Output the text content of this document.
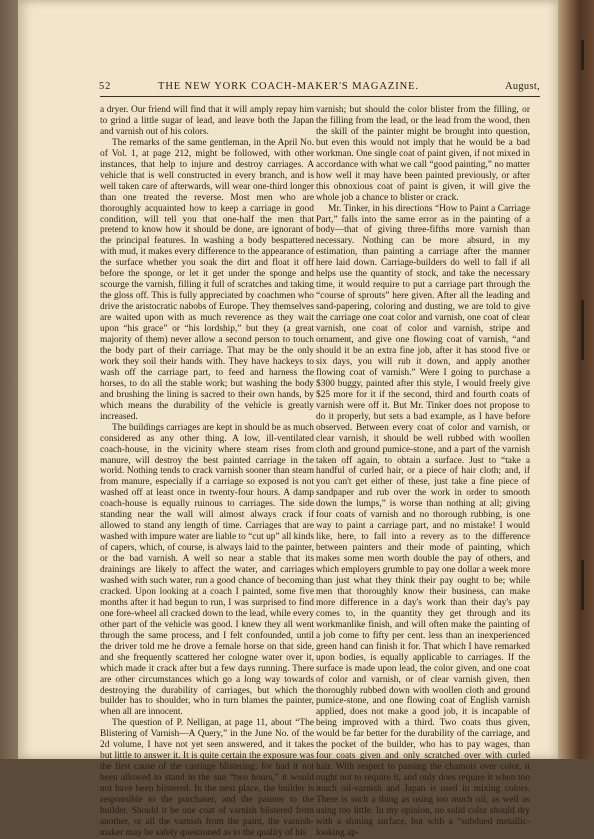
52	THE NEW YORK COACH-MAKER'S MAGAZINE.	August,

a dryer. Our friend will find that it will amply repay him to grind a little sugar of lead, and leave both the Japan and varnish out of his colors.

The remarks of the same gentleman, in the April No. of Vol. 1, at page 212, might be followed, with other instances, that help to injure and destroy carriages. A vehicle that is well constructed in every branch, and is well taken care of afterwards, will wear one-third longer than one treated the reverse. Most men who are thoroughly acquainted how to keep a carriage in good condition, will tell you that one-half the men that pretend to know how it should be done, are ignorant of the principal features. In washing a body bespattered with mud, it makes every difference to the appearance of the surface whether you soak the dirt and float it off before the sponge, or let it get under the sponge and scourge the varnish, filling it full of scratches and taking the gloss off. This is fully appreciated by coachmen who drive the aristocratic nabobs of Europe. They themselves are waited upon with as much reverence as they wait upon “his grace” or “his lordship,” but they (a great majority of them) never allow a second person to touch the body part of their carriage. That may be the only work they soil their hands with. They have hackeys to wash off the carriage part, to feed and harness the horses, to do all the stable work; but washing the body and brushing the lining is sacred to their own hands, by which means the durability of the vehicle is greatly increased.

The buildings carriages are kept in should be as much considered as any other thing. A low, ill-ventilated coach-house, in the vicinity where steam rises from manure, will destroy the best painted carriage in the world. Nothing tends to crack varnish sooner than steam from manure, especially if a carriage so exposed is not washed off at least once in twenty-four hours. A damp coach-house is equally ruinous to carriages. The side standing near the wall will almost always crack if allowed to stand any length of time. Carriages that are washed with impure water are liable to “cut up” all kinds of capers, which, of course, is always laid to the painter, or the bad varnish. A well so near a stable that its drainings are likely to affect the water, and carriages washed with such water, run a good chance of becoming cracked. Upon looking at a coach I painted, some five months after it had begun to run, I was surprised to find one fore-wheel all cracked down to the lead, while every other part of the vehicle was good. I knew they all went through the same process, and I felt confounded, until the driver told me he drove a female horse on that side, and she frequently scattered her cologne water over it, which made it crack after but a few days running. There are other circumstances which go a long way towards destroying the durability of carriages, but which the builder has to shoulder, who in turn blames the painter, when all are innocent.

The question of P. Nelligan, at page 11, about “The Blistering of Varnish—A Query,” in the June No. of the 2d volume, I have not yet seen answered, and it takes but little to answer it. It is quite certain the exposure was the first cause of the carriage blistering; for had it not been allowed to stand in the sun “two hours,” it would not have been blistered. In the next place, the builder is responsible to the purchaser, and the painter to the builder. Should it be one coat of varnish blistered from another, or all the varnish from the paint, the varnish-maker may be safely questioned as to the quality of his

varnish; but should the color blister from the filling, or the filling from the lead, or the lead from the wood, then the skill of the painter might be brought into question, but even this would not imply that he would be a bad workman. One single coat of paint given, if not mixed in accordance with what we call “good painting,” no matter how well it may have been painted previously, or after this obnoxious coat of paint is given, it will give the whole job a chance to blister or crack.

Mr. Tinker, in his directions “How to Paint a Carriage Part,” falls into the same error as in the painting of a body—that of giving three-fifths more varnish than necessary. Nothing can be more absurd, in my estimation, than painting a carriage after the manner here laid down. Carriage-builders do well to fall if all helps use the quantity of stock, and take the necessary time, it would require to put a carriage part through the “course of sprouts” here given. After all the leading and sand-papering, coloring and dusting, we are told to give the carriage one coat color and varnish, one coat of clear varnish, one coat of color and varnish, stripe and ornament, and give one flowing coat of varnish, “and should it be an extra fine job, after it has stood five or six days, you will rub it down, and apply another flowing coat of varnish.” Were I going to purchase a $300 buggy, painted after this style, I would freely give $25 more for it if the second, third and fourth coats of varnish were off it. But Mr. Tinker does not propose to do it properly, but sets a bad example, as I have before observed. Between every coat of color and varnish, or clear varnish, it should be well rubbed with woollen cloth and ground pumice-stone, and a part of the varnish taken off again, to obtain a surface. Just to “take a handful of curled hair, or a piece of hair cloth; and, if you can't get either of these, just take a fine piece of sandpaper and rub over the work in order to smooth down the lumps,” is worse than nothing at all; giving four coats of varnish and no thorough rubbing, is one way to paint a carriage part, and no mistake! I would like, here, to fall into a revery as to the difference between painters and their mode of painting, which makes some men worth double the pay of others, and which employers grumble to pay one dollar a week more than just what they think their pay ought to be; while men that thoroughly know their business, can make more difference in a day's work than their day's pay comes to, in the quantity they get through and its workmanlike finish, and will often make the painting of a job come to fifty per cent. less than an inexperienced green hand can finish it for. That which I have remarked upon bodies, is equally applicable to carriages. If the surface is made upon lead, the color given, and one coat of color and varnish, or of clear varnish given, then thoroughly rubbed down with woollen cloth and ground pumice-stone, and one flowing coat of English varnish applied, does not make a good job, it is incapable of being improved with a third. Two coats thus given, would be far better for the durability of the carriage, and the pocket of the builder, who has to pay wages, than four coats given and only scratched over with curled hair. With respect to passing the chamois over color, it ought not to require it, and only does require it when too much oil-varnish and Japan is used in mixing colors. There is such a thing as using too much oil, as well as using too little. In my opinion, no solid color should dry with a shining surface, but with a “subdued metallic-looking ap-
